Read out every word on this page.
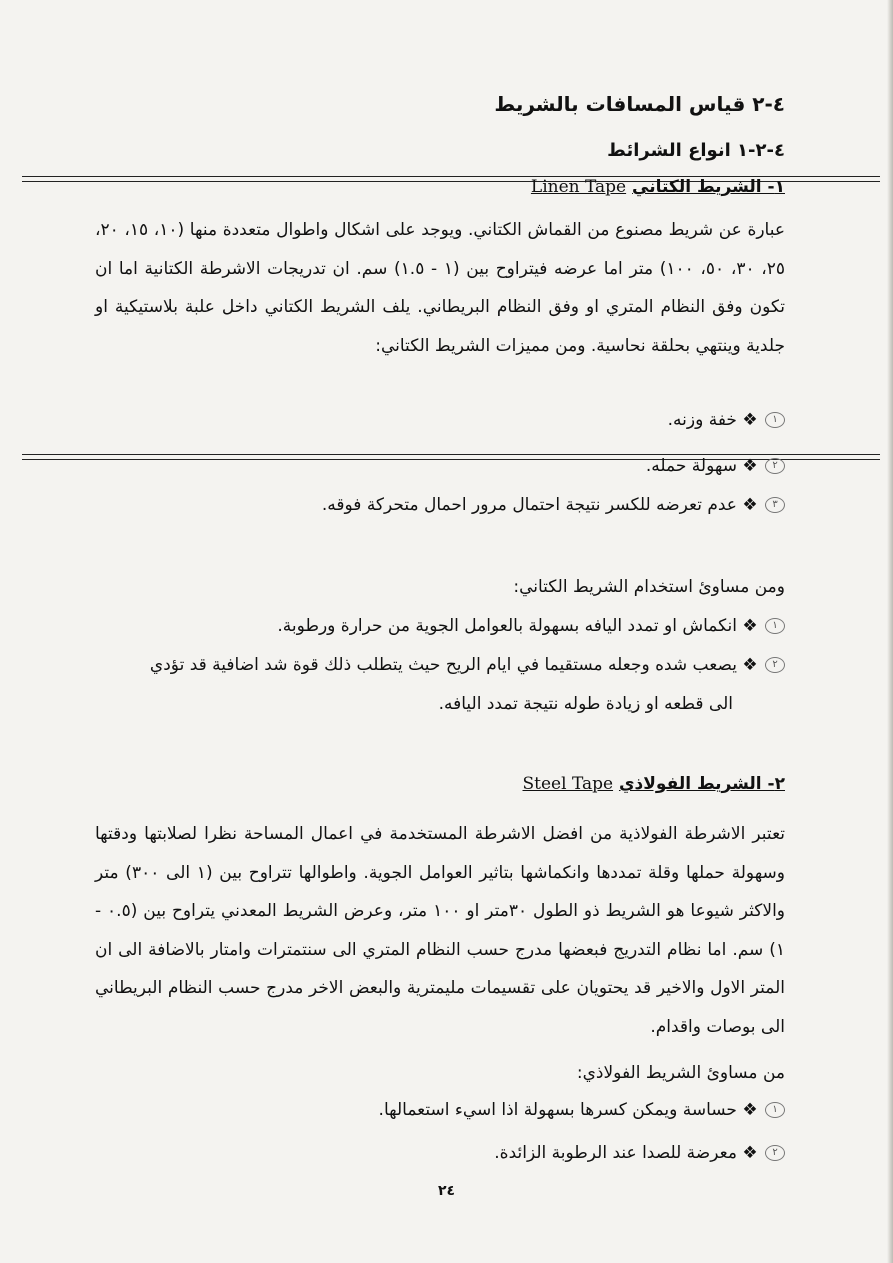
٤-٢ قياس المسافات بالشريط
٤-٢-١ انواع الشرائط
١- الشريط الكتاني Linen Tape
عبارة عن شريط مصنوع من القماش الكتاني. ويوجد على اشكال واطوال متعددة منها (١٠، ١٥، ٢٠، ٢٥، ٣٠، ٥٠، ١٠٠) متر اما عرضه فيتراوح بين (١ - ١.٥) سم. ان تدريجات الاشرطة الكتانية اما ان تكون وفق النظام المتري او وفق النظام البريطاني. يلف الشريط الكتاني داخل علبة بلاستيكية او جلدية وينتهي بحلقة نحاسية. ومن مميزات الشريط الكتاني:
١ ❖ خفة وزنه.
٢ ❖ سهولة حمله.
٣ ❖ عدم تعرضه للكسر نتيجة احتمال مرور احمال متحركة فوقه.
ومن مساوئ استخدام الشريط الكتاني:
١ ❖ انكماش او تمدد اليافه بسهولة بالعوامل الجوية من حرارة ورطوبة.
٢ ❖ يصعب شده وجعله مستقيما في ايام الريح حيث يتطلب ذلك قوة شد اضافية قد تؤدي
الى قطعه او زيادة طوله نتيجة تمدد اليافه.
٢- الشريط الفولاذي Steel Tape
تعتبر الاشرطة الفولاذية من افضل الاشرطة المستخدمة في اعمال المساحة نظرا لصلابتها ودقتها وسهولة حملها وقلة تمددها وانكماشها بتاثير العوامل الجوية. واطوالها تتراوح بين (١ الى ٣٠٠) متر والاكثر شيوعا هو الشريط ذو الطول ٣٠متر او ١٠٠ متر، وعرض الشريط المعدني يتراوح بين (٠.٥ - ١) سم. اما نظام التدريج فبعضها مدرج حسب النظام المتري الى سنتمترات وامتار بالاضافة الى ان المتر الاول والاخير قد يحتويان على تقسيمات مليمترية والبعض الاخر مدرج حسب النظام البريطاني الى بوصات واقدام.
من مساوئ الشريط الفولاذي:
١ ❖ حساسة ويمكن كسرها بسهولة اذا اسيء استعمالها.
٢ ❖ معرضة للصدا عند الرطوبة الزائدة.
٢٤
